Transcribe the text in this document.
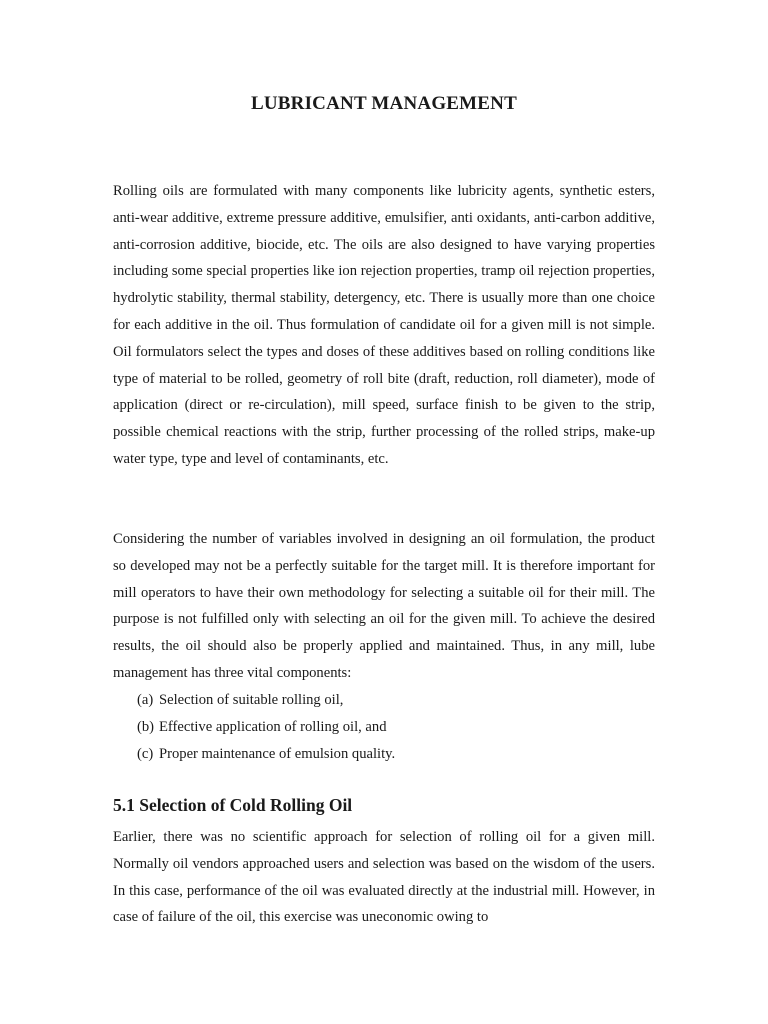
LUBRICANT MANAGEMENT

Rolling oils are formulated with many components like lubricity agents, synthetic esters, anti-wear additive, extreme pressure additive, emulsifier, anti oxidants, anti-carbon additive, anti-corrosion additive, biocide, etc. The oils are also designed to have varying properties including some special properties like ion rejection properties, tramp oil rejection properties, hydrolytic stability, thermal stability, detergency, etc. There is usually more than one choice for each additive in the oil. Thus formulation of candidate oil for a given mill is not simple. Oil formulators select the types and doses of these additives based on rolling conditions like type of material to be rolled, geometry of roll bite (draft, reduction, roll diameter), mode of application (direct or re-circulation), mill speed, surface finish to be given to the strip, possible chemical reactions with the strip, further processing of the rolled strips, make-up water type, type and level of contaminants, etc.

Considering the number of variables involved in designing an oil formulation, the product so developed may not be a perfectly suitable for the target mill. It is therefore important for mill operators to have their own methodology for selecting a suitable oil for their mill. The purpose is not fulfilled only with selecting an oil for the given mill. To achieve the desired results, the oil should also be properly applied and maintained. Thus, in any mill, lube management has three vital components:

(a) Selection of suitable rolling oil,
(b) Effective application of rolling oil, and
(c) Proper maintenance of emulsion quality.
5.1 Selection of Cold Rolling Oil

Earlier, there was no scientific approach for selection of rolling oil for a given mill. Normally oil vendors approached users and selection was based on the wisdom of the users. In this case, performance of the oil was evaluated directly at the industrial mill. However, in case of failure of the oil, this exercise was uneconomic owing to
